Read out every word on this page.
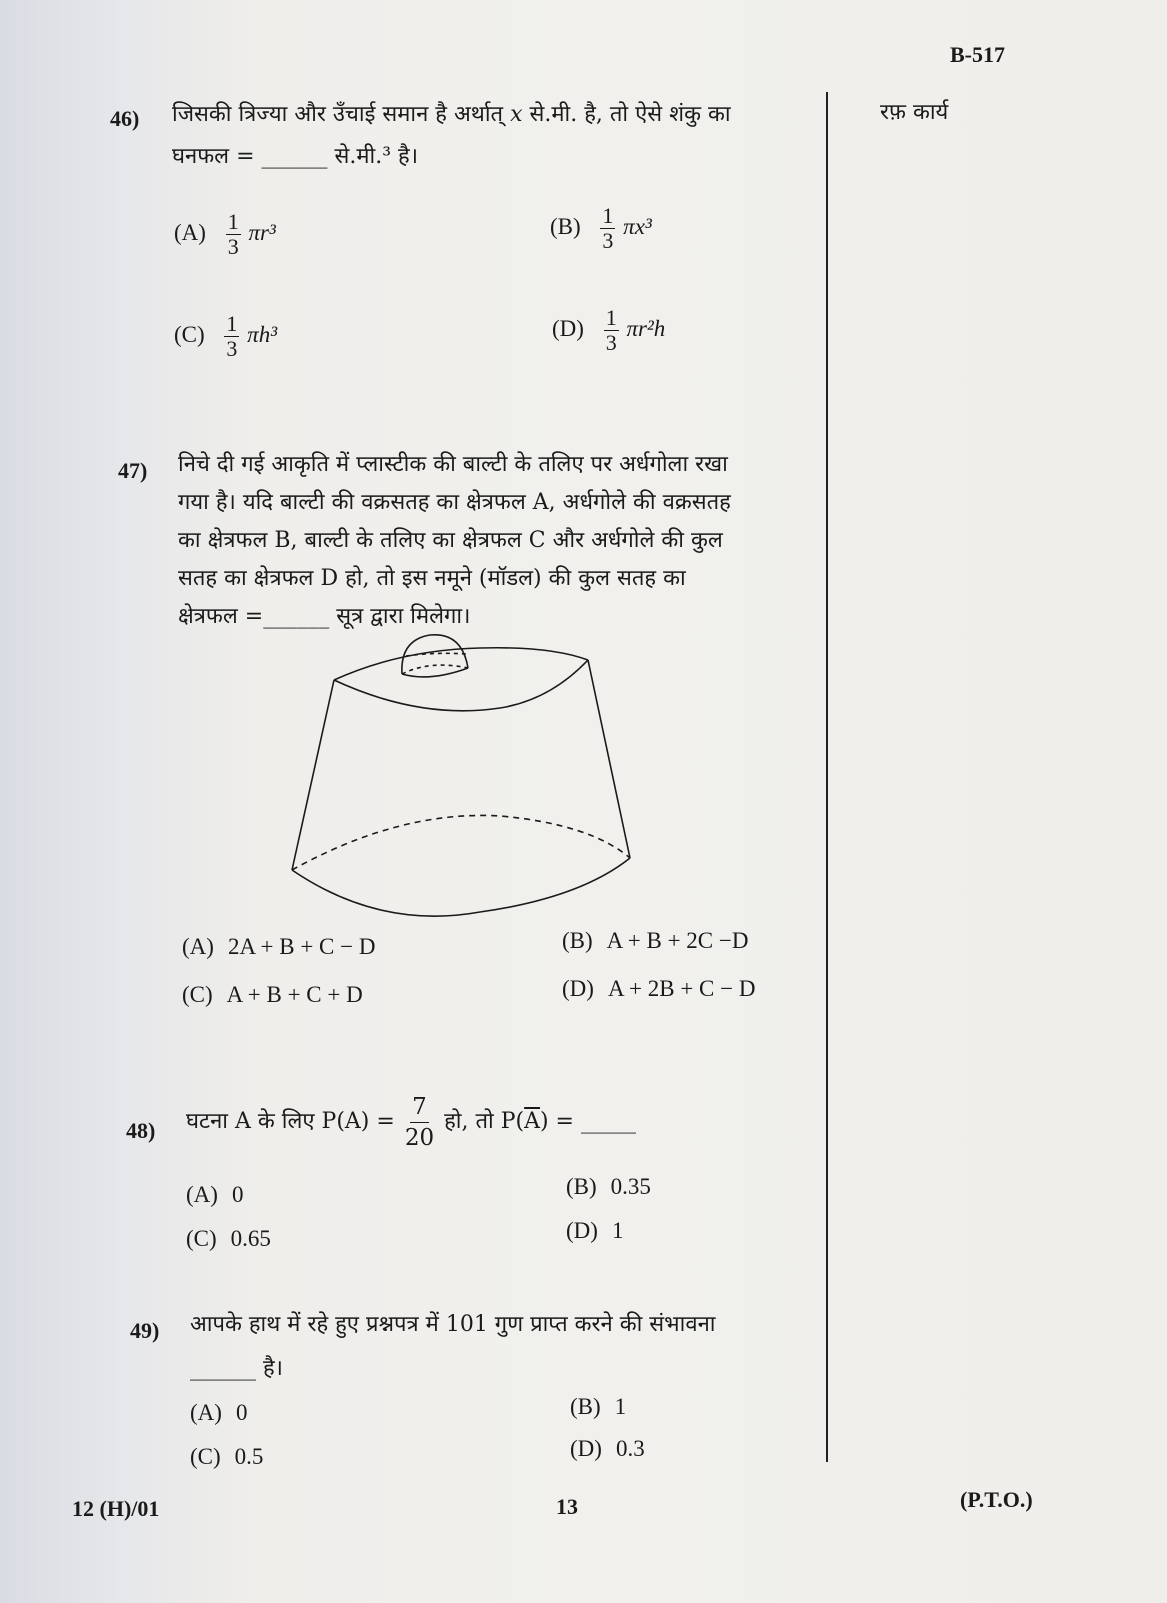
B-517
रफ़ कार्य
46) जिसकी त्रिज्या और उँचाई समान है अर्थात् x से.मी. है, तो ऐसे शंकु का
घनफल = ______ से.मी.³ है।
$(A) \frac{1}{3} \pi r^3$	$(B) \frac{1}{3} \pi x^3$
$(C) \frac{1}{3} \pi h^3$	$(D) \frac{1}{3} \pi r^2h$
47) निचे दी गई आकृति में प्लास्टीक की बाल्टी के तलिए पर अर्धगोला रखा
गया है। यदि बाल्टी की वक्रसतह का क्षेत्रफल A, अर्धगोले की वक्रसतह
का क्षेत्रफल B, बाल्टी के तलिए का क्षेत्रफल C और अर्धगोले की कुल
सतह का क्षेत्रफल D हो, तो इस नमूने (मॉडल) की कुल सतह का
क्षेत्रफल =______ सूत्र द्वारा मिलेगा।
(A) 2A + B + C − D	(B) A + B + 2C −D
(C) A + B + C + D	(D) A + 2B + C − D
48) घटना A के लिए $P(A) = \frac{7}{20}$ हो, तो P( $\overline{A}$ ) = _____
(A) 0	(B) 0.35
(C) 0.65	(D) 1
49) आपके हाथ में रहे हुए प्रश्नपत्र में 101 गुण प्राप्त करने की संभावना
______ है।
(A) 0	(B) 1
(C) 0.5	(D) 0.3
12 (H)/01	13	(P.T.O.)
